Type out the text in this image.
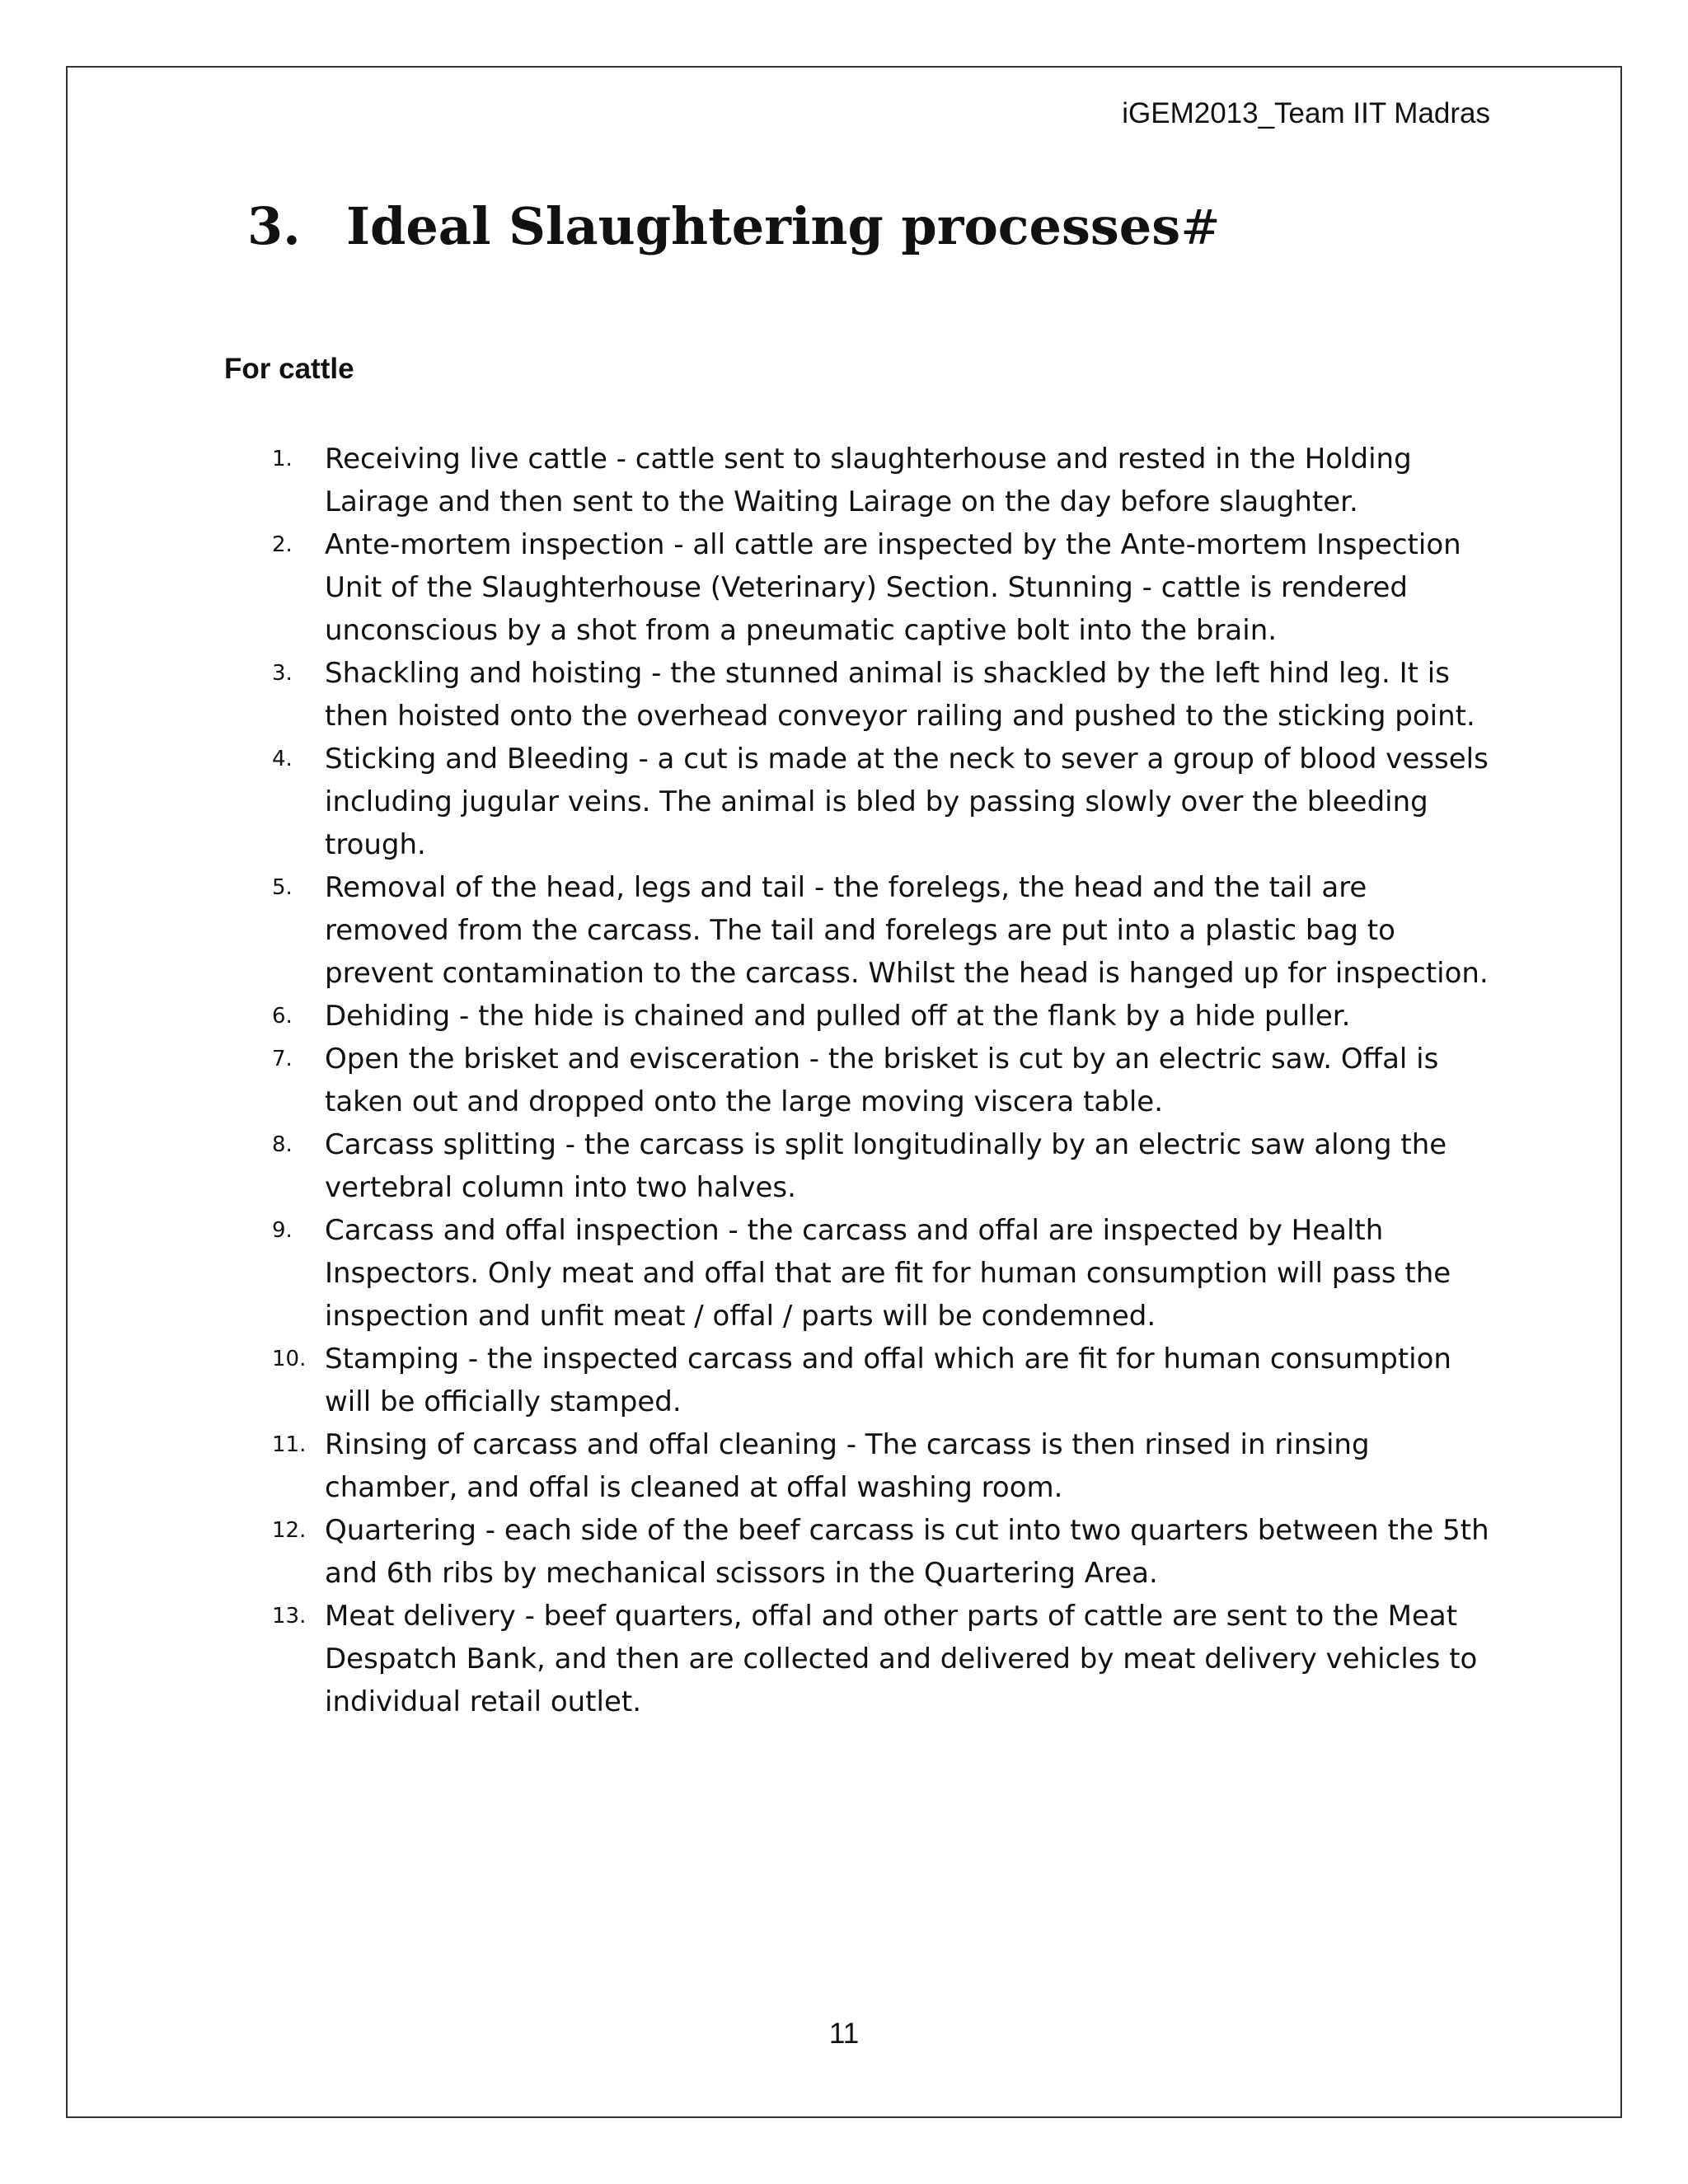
iGEM2013_Team IIT Madras
3. Ideal Slaughtering processes#
For cattle
1.	Receiving live cattle - cattle sent to slaughterhouse and rested in the Holding Lairage and then sent to the Waiting Lairage on the day before slaughter.
2.	Ante-mortem inspection - all cattle are inspected by the Ante-mortem Inspection Unit of the Slaughterhouse (Veterinary) Section. Stunning - cattle is rendered unconscious by a shot from a pneumatic captive bolt into the brain.
3.	Shackling and hoisting - the stunned animal is shackled by the left hind leg. It is then hoisted onto the overhead conveyor railing and pushed to the sticking point.
4.	Sticking and Bleeding - a cut is made at the neck to sever a group of blood vessels including jugular veins. The animal is bled by passing slowly over the bleeding trough.
5.	Removal of the head, legs and tail - the forelegs, the head and the tail are removed from the carcass. The tail and forelegs are put into a plastic bag to prevent contamination to the carcass. Whilst the head is hanged up for inspection.
6.	Dehiding - the hide is chained and pulled off at the flank by a hide puller.
7.	Open the brisket and evisceration - the brisket is cut by an electric saw. Offal is taken out and dropped onto the large moving viscera table.
8.	Carcass splitting - the carcass is split longitudinally by an electric saw along the vertebral column into two halves.
9.	Carcass and offal inspection - the carcass and offal are inspected by Health Inspectors. Only meat and offal that are fit for human consumption will pass the inspection and unfit meat / offal / parts will be condemned.
10. Stamping - the inspected carcass and offal which are fit for human consumption will be officially stamped.
11. Rinsing of carcass and offal cleaning - The carcass is then rinsed in rinsing chamber, and offal is cleaned at offal washing room.
12. Quartering - each side of the beef carcass is cut into two quarters between the 5th and 6th ribs by mechanical scissors in the Quartering Area.
13. Meat delivery - beef quarters, offal and other parts of cattle are sent to the Meat Despatch Bank, and then are collected and delivered by meat delivery vehicles to individual retail outlet.
11
